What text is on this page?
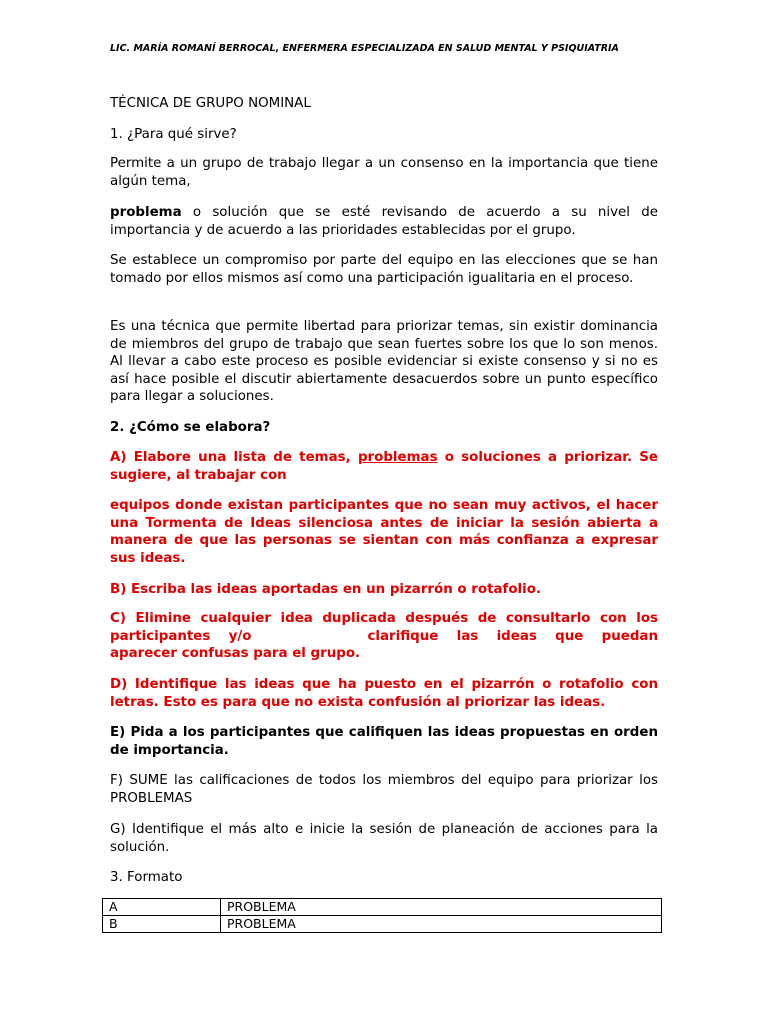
LIC. MARÍA ROMANÍ BERROCAL, ENFERMERA ESPECIALIZADA EN SALUD MENTAL Y PSIQUIATRIA
TÉCNICA DE GRUPO NOMINAL
1. ¿Para qué sirve?
Permite a un grupo de trabajo llegar a un consenso en la importancia que tiene algún tema,
problema o solución que se esté revisando de acuerdo a su nivel de importancia y de acuerdo a las prioridades establecidas por el grupo.
Se establece un compromiso por parte del equipo en las elecciones que se han tomado por ellos mismos así como una participación igualitaria en el proceso.
Es una técnica que permite libertad para priorizar temas, sin existir dominancia de miembros del grupo de trabajo que sean fuertes sobre los que lo son menos. Al llevar a cabo este proceso es posible evidenciar si existe consenso y si no es así hace posible el discutir abiertamente desacuerdos sobre un punto específico para llegar a soluciones.
2. ¿Cómo se elabora?
A) Elabore una lista de temas, problemas o soluciones a priorizar. Se sugiere, al trabajar con
equipos donde existan participantes que no sean muy activos, el hacer una Tormenta de Ideas silenciosa antes de iniciar la sesión abierta a manera de que las personas se sientan con más confianza a expresar sus ideas.
B) Escriba las ideas aportadas en un pizarrón o rotafolio.
C) Elimine cualquier idea duplicada después de consultarlo con los participantes y/o	clarifique las ideas que puedan aparecer confusas para el grupo.
D) Identifique las ideas que ha puesto en el pizarrón o rotafolio con letras. Esto es para que no exista confusión al priorizar las ideas.
E) Pida a los participantes que califiquen las ideas propuestas en orden de importancia.
F) SUME las calificaciones de todos los miembros del equipo para priorizar los PROBLEMAS
G) Identifique el más alto e inicie la sesión de planeación de acciones para la solución.
3. Formato
A	PROBLEMA
B	PROBLEMA
